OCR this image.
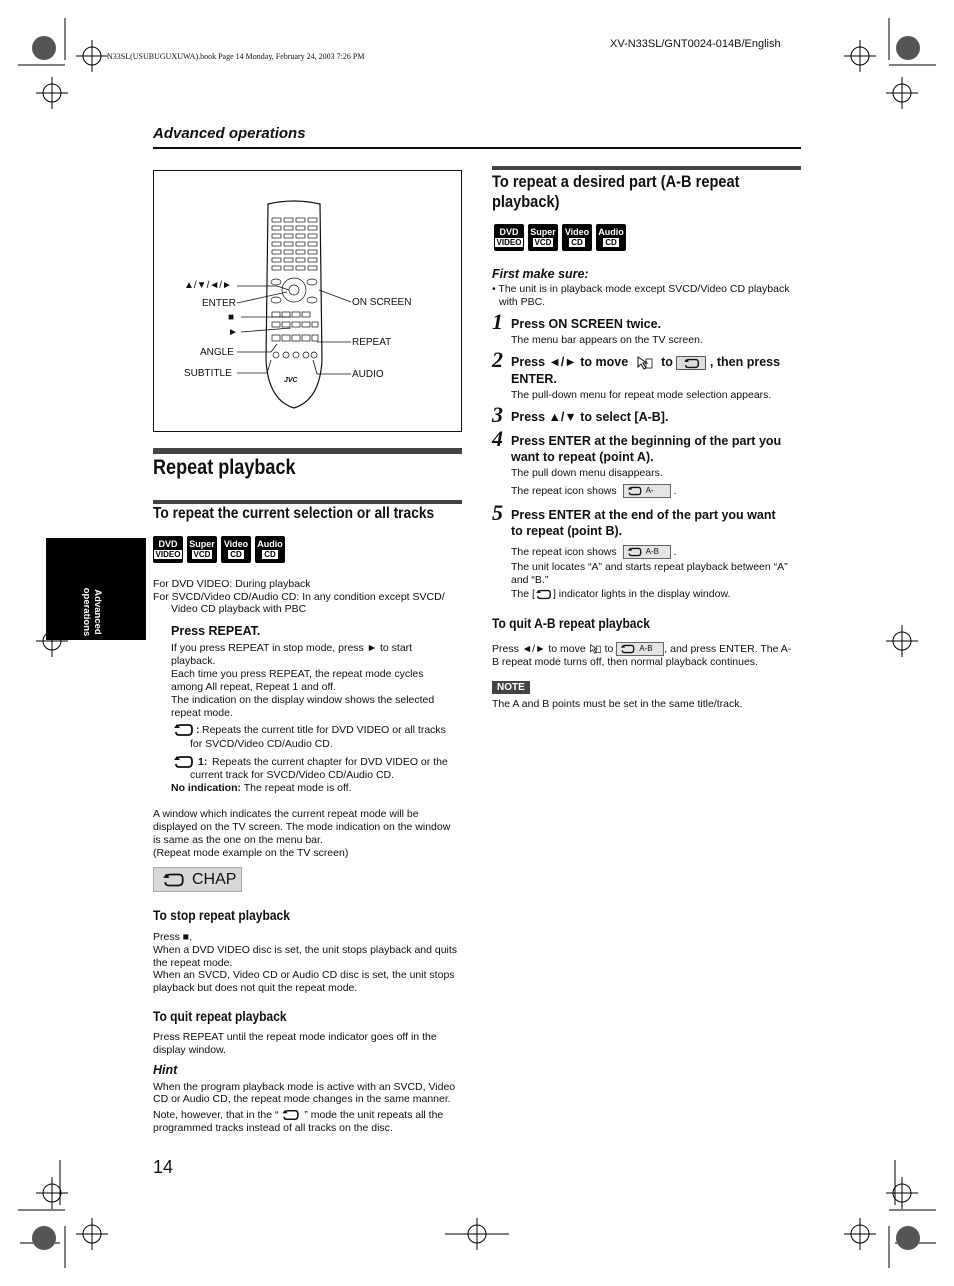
N33SL(USUBUGUXUWA).book Page 14 Monday, February 24, 2003 7:26 PM
XV-N33SL/GNT0024-014B/English
Advanced operations
JVC
▲/▼/◄/►
ENTER
■
►
ANGLE
SUBTITLE
ON SCREEN
REPEAT
AUDIO
Repeat playback
To repeat the current selection or all tracks
DVD
VIDEO
Super
VCD
Video
CD
Audio
CD
For DVD VIDEO: During playback
For SVCD/Video CD/Audio CD: In any condition except SVCD/
Video CD playback with PBC
Press REPEAT.
If you press REPEAT in stop mode, press ► to start
playback.
Each time you press REPEAT, the repeat mode cycles
among All repeat, Repeat 1 and off.
The indication on the display window shows the selected
repeat mode.
: Repeats the current title for DVD VIDEO or all tracks
for SVCD/Video CD/Audio CD.
1: Repeats the current chapter for DVD VIDEO or the
current track for SVCD/Video CD/Audio CD.
No indication: The repeat mode is off.
A window which indicates the current repeat mode will be
displayed on the TV screen. The mode indication on the window
is same as the one on the menu bar.
(Repeat mode example on the TV screen)
CHAP
To stop repeat playback
Press ■.
When a DVD VIDEO disc is set, the unit stops playback and quits
the repeat mode.
When an SVCD, Video CD or Audio CD disc is set, the unit stops
playback but does not quit the repeat mode.
To quit repeat playback
Press REPEAT until the repeat mode indicator goes off in the
display window.
Hint
When the program playback mode is active with an SVCD, Video
CD or Audio CD, the repeat mode changes in the same manner.
Note, however, that in the “ ” mode the unit repeats all the
programmed tracks instead of all tracks on the disc.
Advanced
operations
To repeat a desired part (A-B repeat
playback)
DVD
VIDEO
Super
VCD
Video
CD
Audio
CD
First make sure:
• The unit is in playback mode except SVCD/Video CD playback
with PBC.
1 Press ON SCREEN twice.
The menu bar appears on the TV screen.
2 Press ◄/► to move	to	, then press
ENTER.
The pull-down menu for repeat mode selection appears.
3 Press ▲/▼ to select [A-B].
4 Press ENTER at the beginning of the part you
want to repeat (point A).
The pull down menu disappears.
The repeat icon shows	A- .
5 Press ENTER at the end of the part you want
to repeat (point B).
The repeat icon shows	A-B .
The unit locates “A” and starts repeat playback between “A”
and “B.”
The [ ] indicator lights in the display window.
To quit A-B repeat playback
Press ◄/► to move to	A-B , and press ENTER. The A-
B repeat mode turns off, then normal playback continues.
NOTE
The A and B points must be set in the same title/track.
14
